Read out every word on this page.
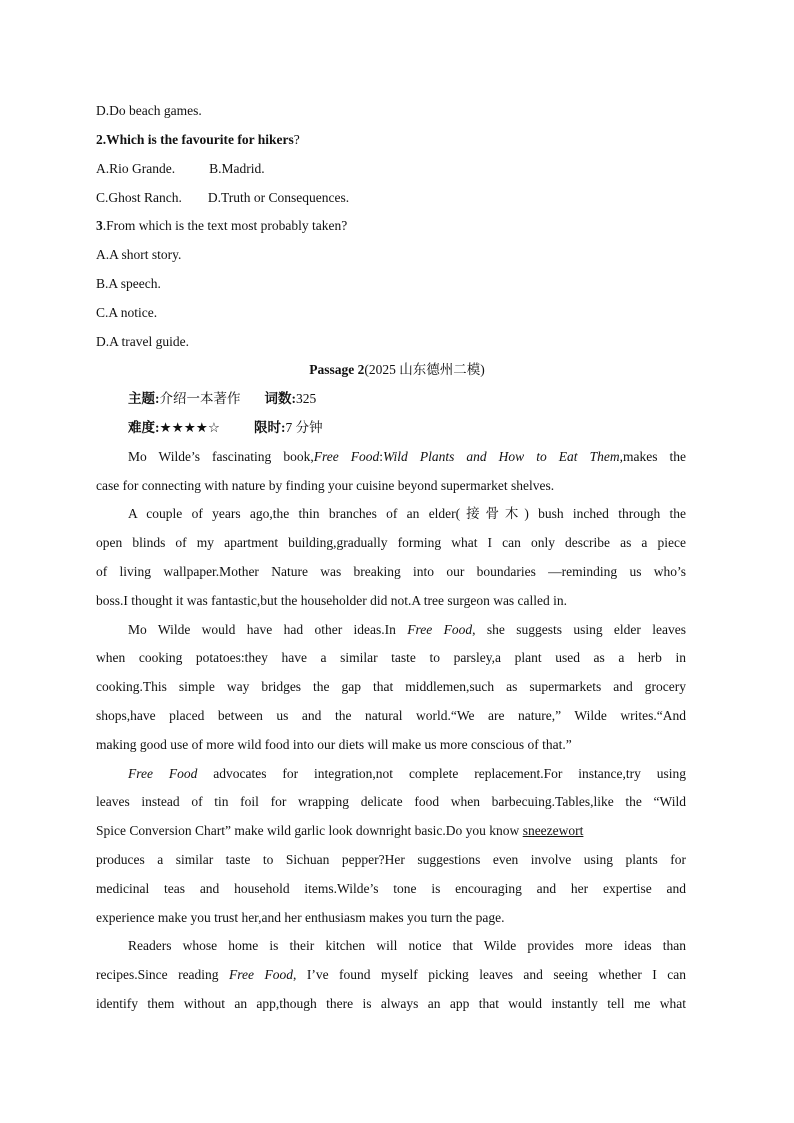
D.Do beach games.
2.Which is the favourite for hikers?
A.Rio Grande.	B.Madrid.
C.Ghost Ranch. D.Truth or Consequences.
3.From which is the text most probably taken?
A.A short story.
B.A speech.
C.A notice.
D.A travel guide.
Passage 2(2025 山东德州二模)
主题:介绍一本著作 词数:325
难度:★★★★☆	限时:7 分钟
Mo Wilde’s fascinating book,Free Food:Wild Plants and How to Eat Them,makes the
case for connecting with nature by finding your cuisine beyond supermarket shelves.
A couple of years ago,the thin branches of an elder(接骨木) bush inched through the
open blinds of my apartment building,gradually forming what I can only describe as a piece
of living wallpaper.Mother Nature was breaking into our boundaries —reminding us who’s
boss.I thought it was fantastic,but the householder did not.A tree surgeon was called in.
Mo Wilde would have had other ideas.In Free Food, she suggests using elder leaves
when cooking potatoes:they have a similar taste to parsley,a plant used as a herb in
cooking.This simple way bridges the gap that middlemen,such as supermarkets and grocery
shops,have placed between us and the natural world.“We are nature,” Wilde writes.“And
making good use of more wild food into our diets will make us more conscious of that.”
Free Food advocates for integration,not complete replacement.For instance,try using
leaves instead of tin foil for wrapping delicate food when barbecuing.Tables,like the “Wild
Spice Conversion Chart” make wild garlic look downright basic.Do you know sneezewort
produces a similar taste to Sichuan pepper?Her suggestions even involve using plants for
medicinal teas and household items.Wilde’s tone is encouraging and her expertise and
experience make you trust her,and her enthusiasm makes you turn the page.
Readers whose home is their kitchen will notice that Wilde provides more ideas than
recipes.Since reading Free Food, I’ve found myself picking leaves and seeing whether I can
identify them without an app,though there is always an app that would instantly tell me what
